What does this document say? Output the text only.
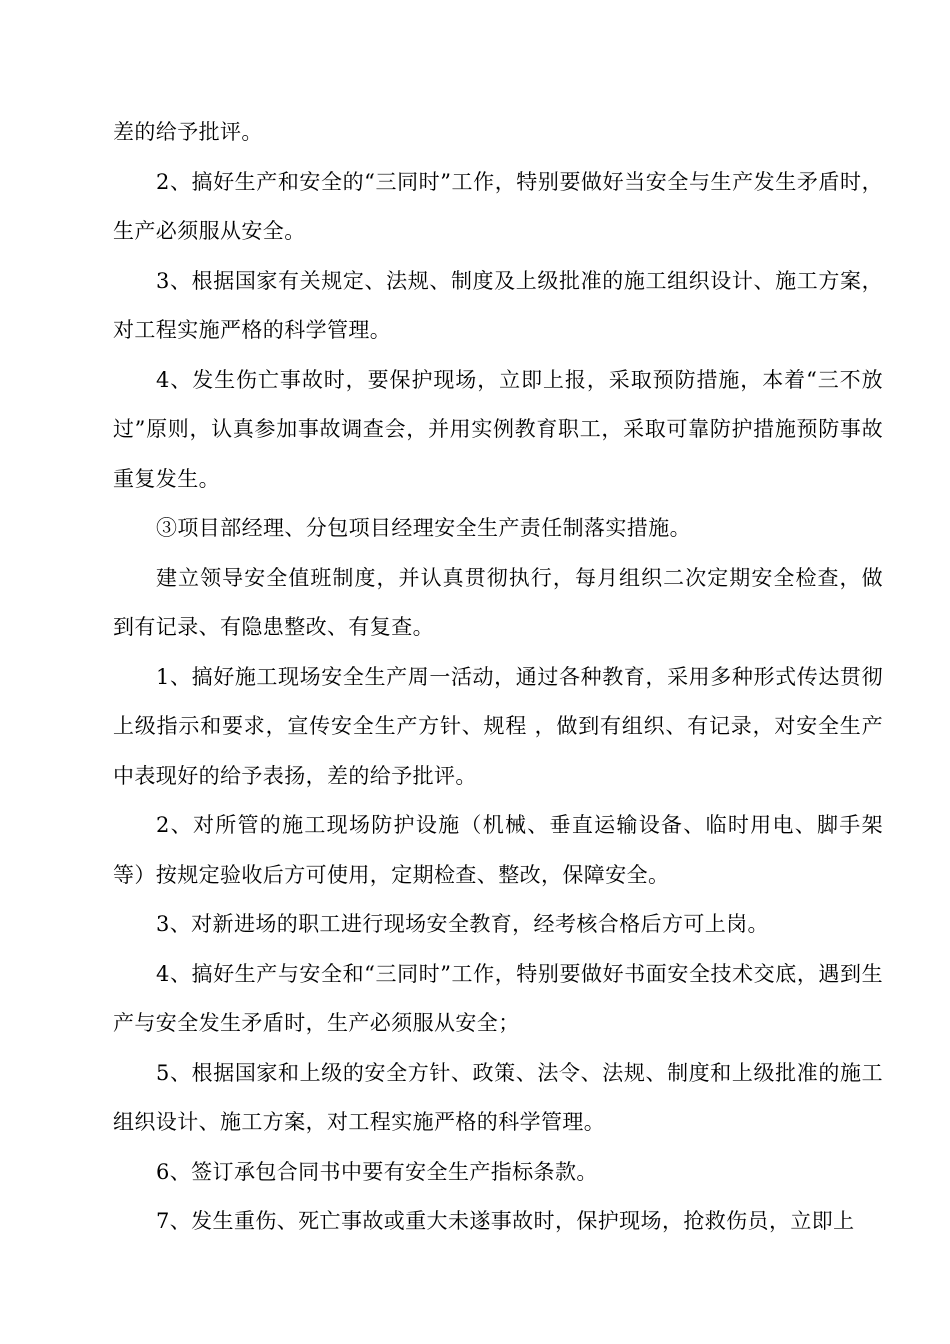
差的给予批评。

2、搞好生产和安全的“三同时”工作，特别要做好当安全与生产发生矛盾时，生产必须服从安全。

3、根据国家有关规定、法规、制度及上级批准的施工组织设计、施工方案，对工程实施严格的科学管理。

4、发生伤亡事故时，要保护现场，立即上报，采取预防措施，本着“三不放过”原则，认真参加事故调查会，并用实例教育职工，采取可靠防护措施预防事故重复发生。

③项目部经理、分包项目经理安全生产责任制落实措施。

建立领导安全值班制度，并认真贯彻执行，每月组织二次定期安全检查，做到有记录、有隐患整改、有复查。

1、搞好施工现场安全生产周一活动，通过各种教育，采用多种形式传达贯彻上级指示和要求，宣传安全生产方针、规程 ，做到有组织、有记录，对安全生产中表现好的给予表扬，差的给予批评。

2、对所管的施工现场防护设施（机械、垂直运输设备、临时用电、脚手架等）按规定验收后方可使用，定期检查、整改，保障安全。

3、对新进场的职工进行现场安全教育，经考核合格后方可上岗。

4、搞好生产与安全和“三同时”工作，特别要做好书面安全技术交底，遇到生产与安全发生矛盾时，生产必须服从安全；

5、根据国家和上级的安全方针、政策、法令、法规、制度和上级批准的施工组织设计、施工方案，对工程实施严格的科学管理。

6、签订承包合同书中要有安全生产指标条款。

7、发生重伤、死亡事故或重大未遂事故时，保护现场，抢救伤员，立即上
